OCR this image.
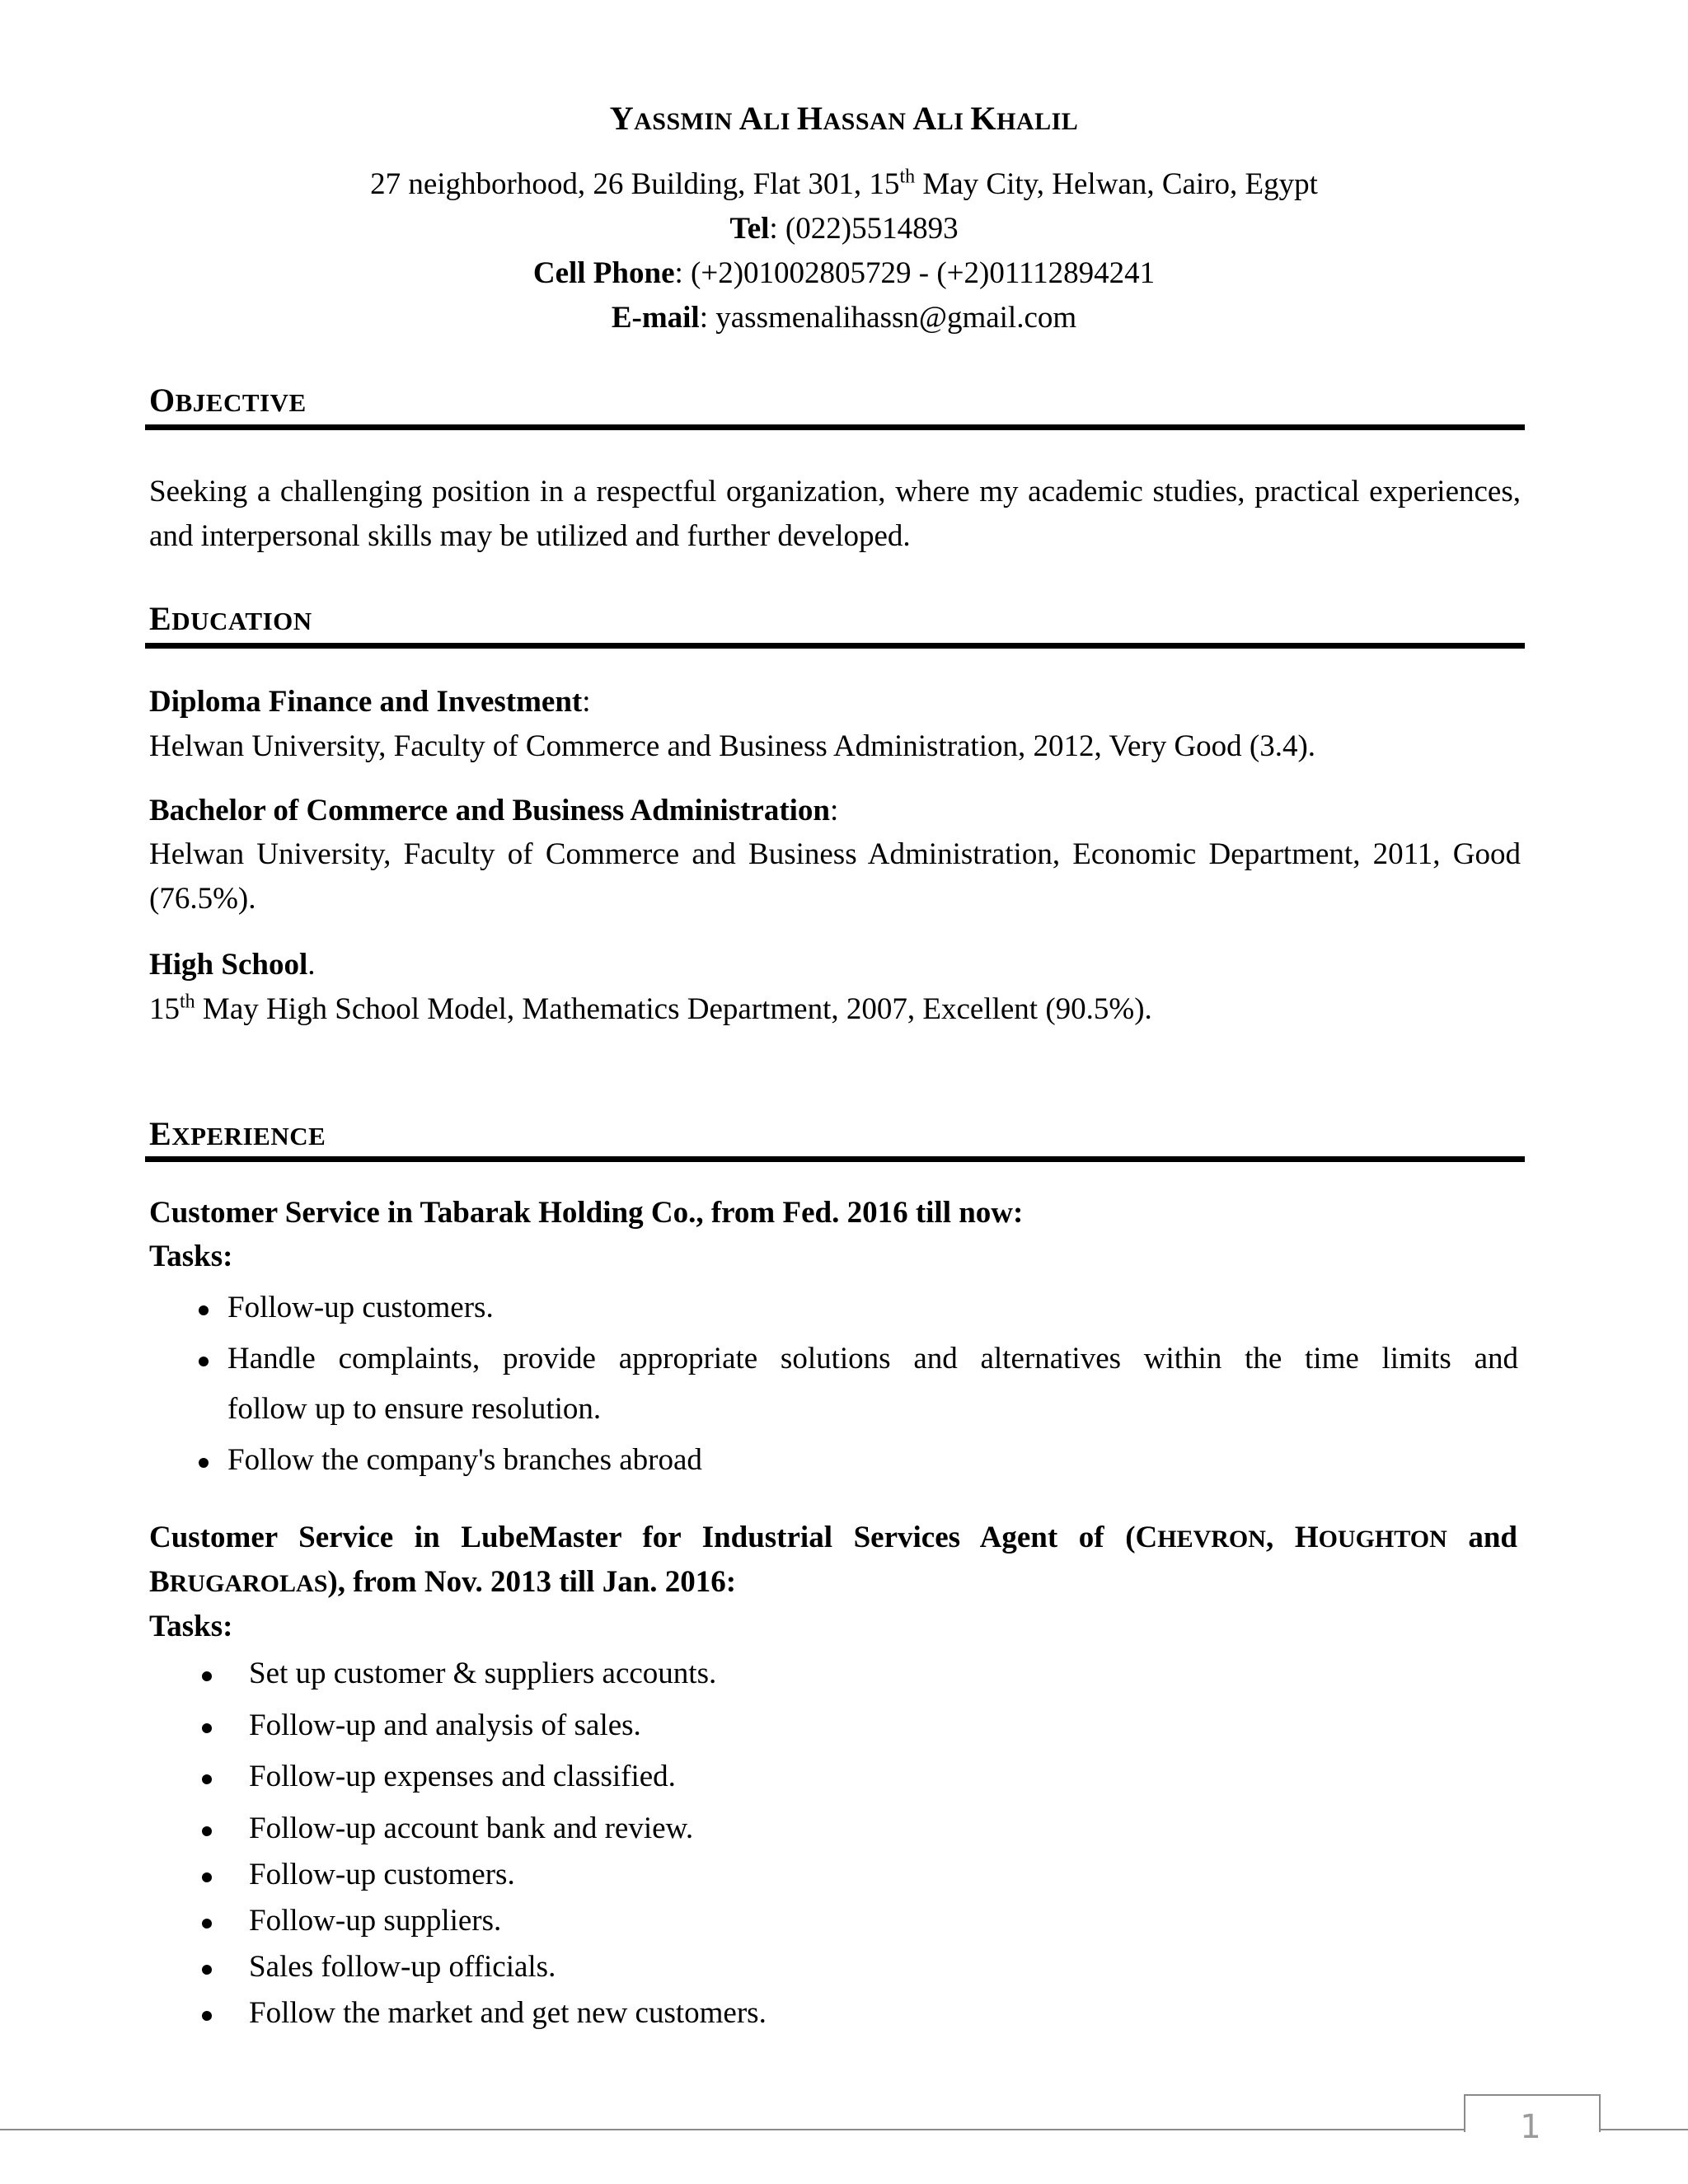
YASSMIN ALI HASSAN ALI KHALIL
27 neighborhood, 26 Building, Flat 301, 15th May City, Helwan, Cairo, Egypt
Tel: (022)5514893
Cell Phone: (+2)01002805729 - (+2)01112894241
E-mail: yassmenalihassn@gmail.com
OBJECTIVE
Seeking a challenging position in a respectful organization, where my academic studies, practical experiences, and interpersonal skills may be utilized and further developed.
EDUCATION
Diploma Finance and Investment:
Helwan University, Faculty of Commerce and Business Administration, 2012, Very Good (3.4).
Bachelor of Commerce and Business Administration:
Helwan University, Faculty of Commerce and Business Administration, Economic Department, 2011, Good (76.5%).
High School.
15th May High School Model, Mathematics Department, 2007, Excellent (90.5%).
EXPERIENCE
Customer Service in Tabarak Holding Co., from Fed. 2016 till now:
Tasks:
Follow-up customers.
Handle complaints, provide appropriate solutions and alternatives within the time limits and
follow up to ensure resolution.
Follow the company's branches abroad
Customer Service in LubeMaster for Industrial Services Agent of (CHEVRON, HOUGHTON and
BRUGAROLAS), from Nov. 2013 till Jan. 2016:
Tasks:
Set up customer & suppliers accounts.
Follow-up and analysis of sales.
Follow-up expenses and classified.
Follow-up account bank and review.
Follow-up customers.
Follow-up suppliers.
Sales follow-up officials.
Follow the market and get new customers.
1
